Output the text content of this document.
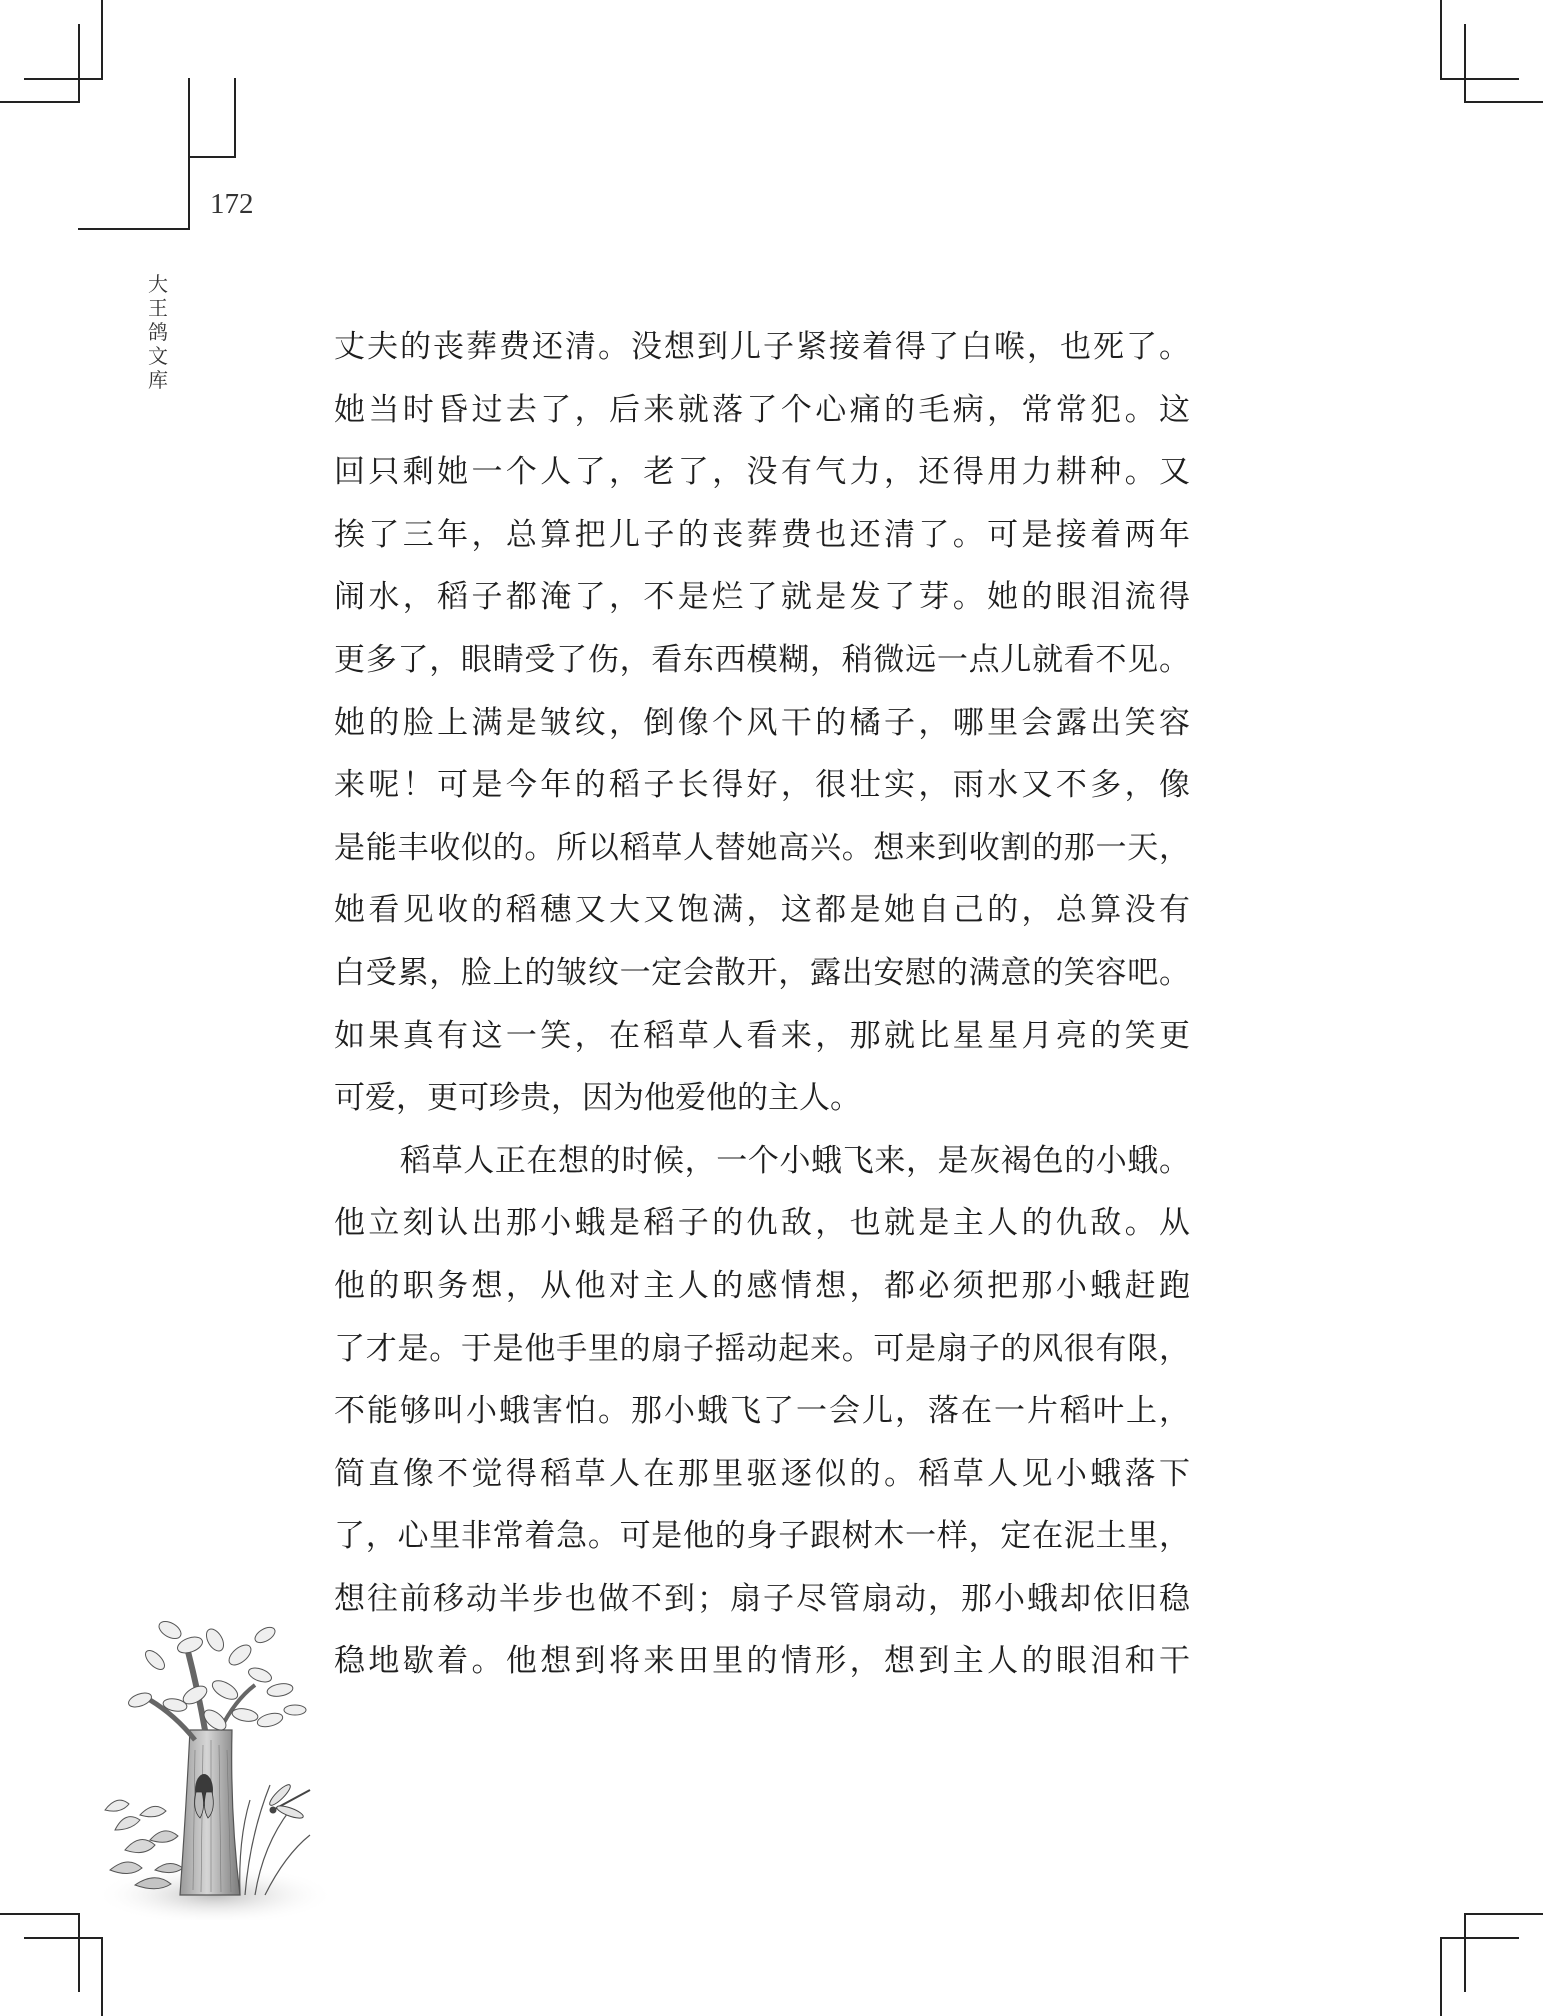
172
大
王
鸽
文
库
丈夫的丧葬费还清。没想到儿子紧接着得了白喉，也死了。
她当时昏过去了，后来就落了个心痛的毛病，常常犯。这
回只剩她一个人了，老了，没有气力，还得用力耕种。又
挨了三年，总算把儿子的丧葬费也还清了。可是接着两年
闹水，稻子都淹了，不是烂了就是发了芽。她的眼泪流得
更多了，眼睛受了伤，看东西模糊，稍微远一点儿就看不见。
她的脸上满是皱纹，倒像个风干的橘子，哪里会露出笑容
来呢！可是今年的稻子长得好，很壮实，雨水又不多，像
是能丰收似的。所以稻草人替她高兴。想来到收割的那一天，
她看见收的稻穗又大又饱满，这都是她自己的，总算没有
白受累，脸上的皱纹一定会散开，露出安慰的满意的笑容吧。
如果真有这一笑，在稻草人看来，那就比星星月亮的笑更
可爱，更可珍贵，因为他爱他的主人。
稻草人正在想的时候，一个小蛾飞来，是灰褐色的小蛾。
他立刻认出那小蛾是稻子的仇敌，也就是主人的仇敌。从
他的职务想，从他对主人的感情想，都必须把那小蛾赶跑
了才是。于是他手里的扇子摇动起来。可是扇子的风很有限，
不能够叫小蛾害怕。那小蛾飞了一会儿，落在一片稻叶上，
简直像不觉得稻草人在那里驱逐似的。稻草人见小蛾落下
了，心里非常着急。可是他的身子跟树木一样，定在泥土里，
想往前移动半步也做不到；扇子尽管扇动，那小蛾却依旧稳
稳地歇着。他想到将来田里的情形，想到主人的眼泪和干
